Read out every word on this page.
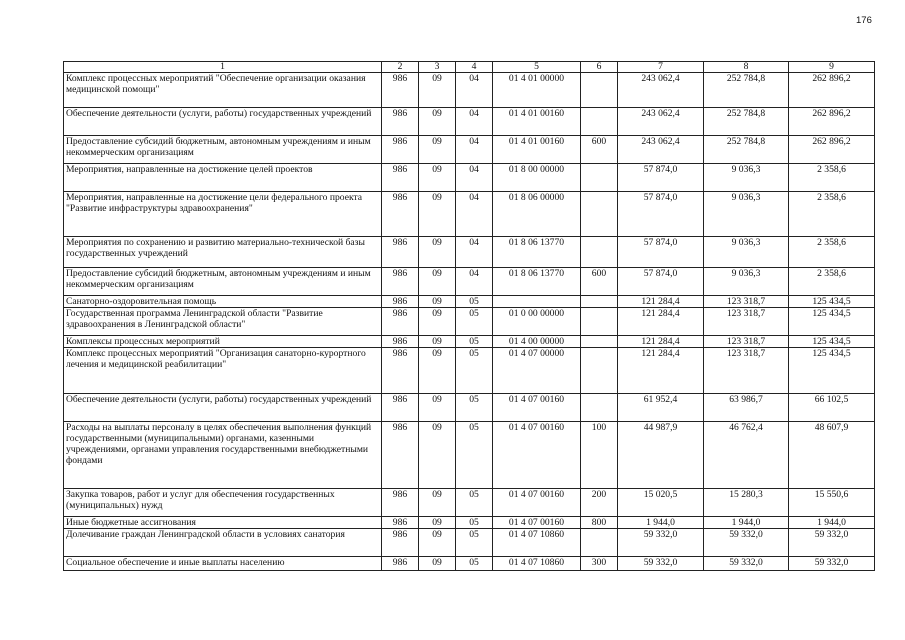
176
1	2	3	4	5	6	7	8	9
Комплекс процессных мероприятий "Обеспечение организации оказания медицинской помощи"	986	09	04	01 4 01 00000		243 062,4	252 784,8	262 896,2
Обеспечение деятельности (услуги, работы) государственных учреждений	986	09	04	01 4 01 00160		243 062,4	252 784,8	262 896,2
Предоставление субсидий бюджетным, автономным учреждениям и иным некоммерческим организациям	986	09	04	01 4 01 00160	600	243 062,4	252 784,8	262 896,2
Мероприятия, направленные на достижение целей проектов	986	09	04	01 8 00 00000		57 874,0	9 036,3	2 358,6
Мероприятия, направленные на достижение цели федерального проекта "Развитие инфраструктуры здравоохранения"	986	09	04	01 8 06 00000		57 874,0	9 036,3	2 358,6
Мероприятия по сохранению и развитию материально-технической базы государственных учреждений	986	09	04	01 8 06 13770		57 874,0	9 036,3	2 358,6
Предоставление субсидий бюджетным, автономным учреждениям и иным некоммерческим организациям	986	09	04	01 8 06 13770	600	57 874,0	9 036,3	2 358,6
Санаторно-оздоровительная помощь	986	09	05			121 284,4	123 318,7	125 434,5
Государственная программа Ленинградской области "Развитие здравоохранения в Ленинградской области"	986	09	05	01 0 00 00000		121 284,4	123 318,7	125 434,5
Комплексы процессных мероприятий	986	09	05	01 4 00 00000		121 284,4	123 318,7	125 434,5
Комплекс процессных мероприятий "Организация санаторно-курортного лечения и медицинской реабилитации"	986	09	05	01 4 07 00000		121 284,4	123 318,7	125 434,5
Обеспечение деятельности (услуги, работы) государственных учреждений	986	09	05	01 4 07 00160		61 952,4	63 986,7	66 102,5
Расходы на выплаты персоналу в целях обеспечения выполнения функций государственными (муниципальными) органами, казенными учреждениями, органами управления государственными внебюджетными фондами	986	09	05	01 4 07 00160	100	44 987,9	46 762,4	48 607,9
Закупка товаров, работ и услуг для обеспечения государственных (муниципальных) нужд	986	09	05	01 4 07 00160	200	15 020,5	15 280,3	15 550,6
Иные бюджетные ассигнования	986	09	05	01 4 07 00160	800	1 944,0	1 944,0	1 944,0
Долечивание граждан Ленинградской области в условиях санатория	986	09	05	01 4 07 10860		59 332,0	59 332,0	59 332,0
Социальное обеспечение и иные выплаты населению	986	09	05	01 4 07 10860	300	59 332,0	59 332,0	59 332,0
